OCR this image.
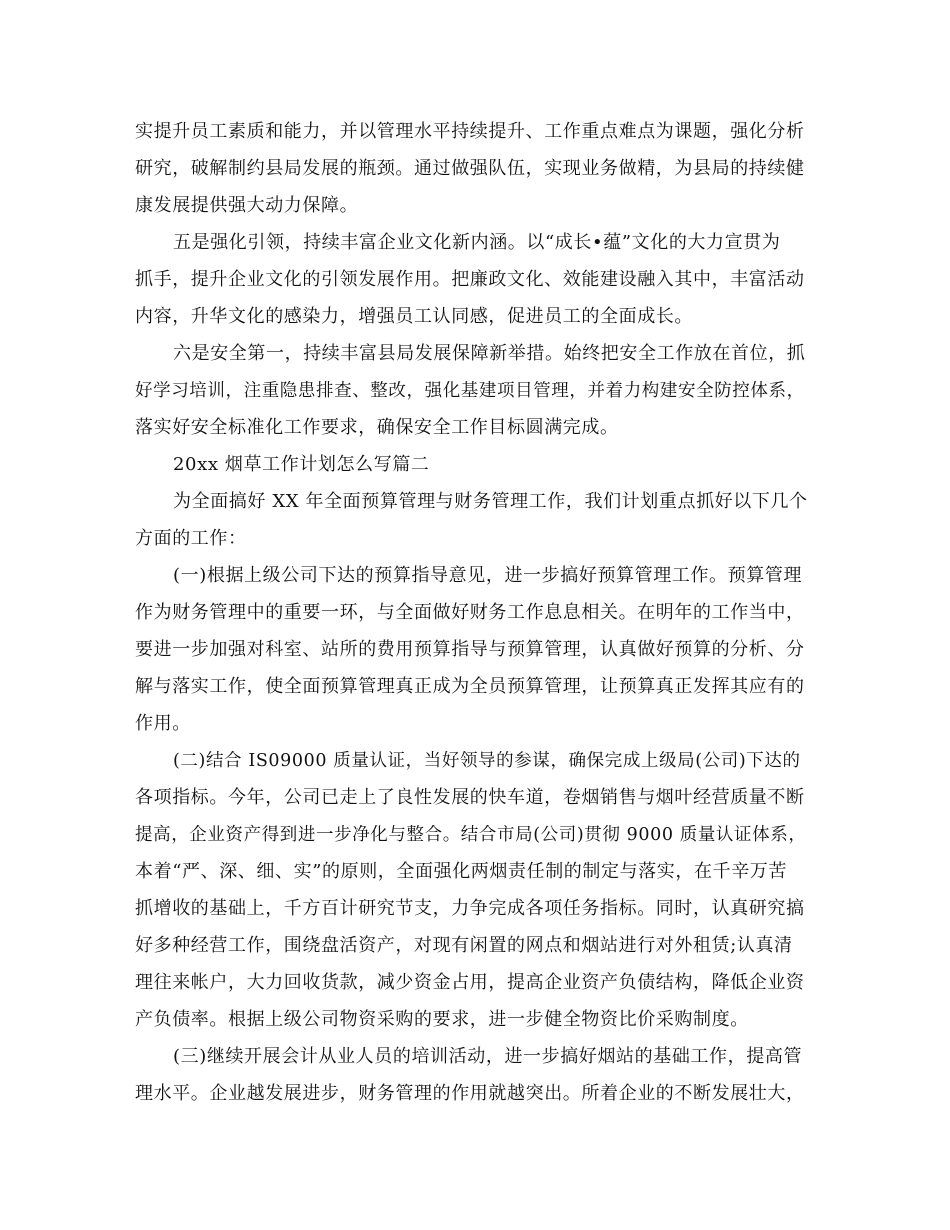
实提升员工素质和能力，并以管理水平持续提升、工作重点难点为课题，强化分析
研究，破解制约县局发展的瓶颈。通过做强队伍，实现业务做精，为县局的持续健
康发展提供强大动力保障。
五是强化引领，持续丰富企业文化新内涵。以“成长•蕴”文化的大力宣贯为
抓手，提升企业文化的引领发展作用。把廉政文化、效能建设融入其中，丰富活动
内容，升华文化的感染力，增强员工认同感，促进员工的全面成长。
六是安全第一，持续丰富县局发展保障新举措。始终把安全工作放在首位，抓
好学习培训，注重隐患排查、整改，强化基建项目管理，并着力构建安全防控体系，
落实好安全标准化工作要求，确保安全工作目标圆满完成。
20xx 烟草工作计划怎么写篇二
为全面搞好 XX 年全面预算管理与财务管理工作，我们计划重点抓好以下几个
方面的工作：
(一)根据上级公司下达的预算指导意见，进一步搞好预算管理工作。预算管理
作为财务管理中的重要一环，与全面做好财务工作息息相关。在明年的工作当中，
要进一步加强对科室、站所的费用预算指导与预算管理，认真做好预算的分析、分
解与落实工作，使全面预算管理真正成为全员预算管理，让预算真正发挥其应有的
作用。
(二)结合 IS09000 质量认证，当好领导的参谋，确保完成上级局(公司)下达的
各项指标。今年，公司已走上了良性发展的快车道，卷烟销售与烟叶经营质量不断
提高，企业资产得到进一步净化与整合。结合市局(公司)贯彻 9000 质量认证体系，
本着“严、深、细、实”的原则，全面强化两烟责任制的制定与落实，在千辛万苦
抓增收的基础上，千方百计研究节支，力争完成各项任务指标。同时，认真研究搞
好多种经营工作，围绕盘活资产，对现有闲置的网点和烟站进行对外租赁;认真清
理往来帐户，大力回收货款，减少资金占用，提高企业资产负债结构，降低企业资
产负债率。根据上级公司物资采购的要求，进一步健全物资比价采购制度。
(三)继续开展会计从业人员的培训活动，进一步搞好烟站的基础工作，提高管
理水平。企业越发展进步，财务管理的作用就越突出。所着企业的不断发展壮大，
